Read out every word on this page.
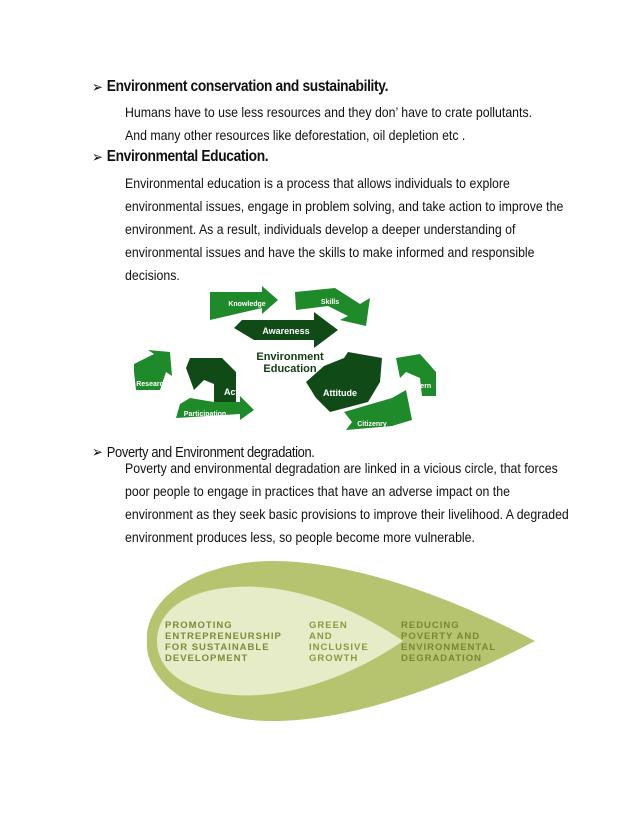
➢ Environment conservation and sustainability.

Humans have to use less resources and they don’ have to crate pollutants.

And many other resources like deforestation, oil depletion etc .

➢ Environmental Education.

Environmental education is a process that allows individuals to explore

environmental issues, engage in problem solving, and take action to improve the

environment. As a result, individuals develop a deeper understanding of

environmental issues and have the skills to make informed and responsible

decisions.

Environment
Education
Awareness
Action	Attitude
Knowledge	Skills
Concern
Citizenry
Participation
Research
➢ Poverty and Environment degradation.

Poverty and environmental degradation are linked in a vicious circle, that forces

poor people to engage in practices that have an adverse impact on the

environment as they seek basic provisions to improve their livelihood. A degraded

environment produces less, so people become more vulnerable.

PROMOTING
ENTREPRENEURSHIP
FOR SUSTAINABLE
DEVELOPMENT
GREEN
AND
INCLUSIVE
GROWTH
REDUCING
POVERTY AND
ENVIRONMENTAL
DEGRADATION
